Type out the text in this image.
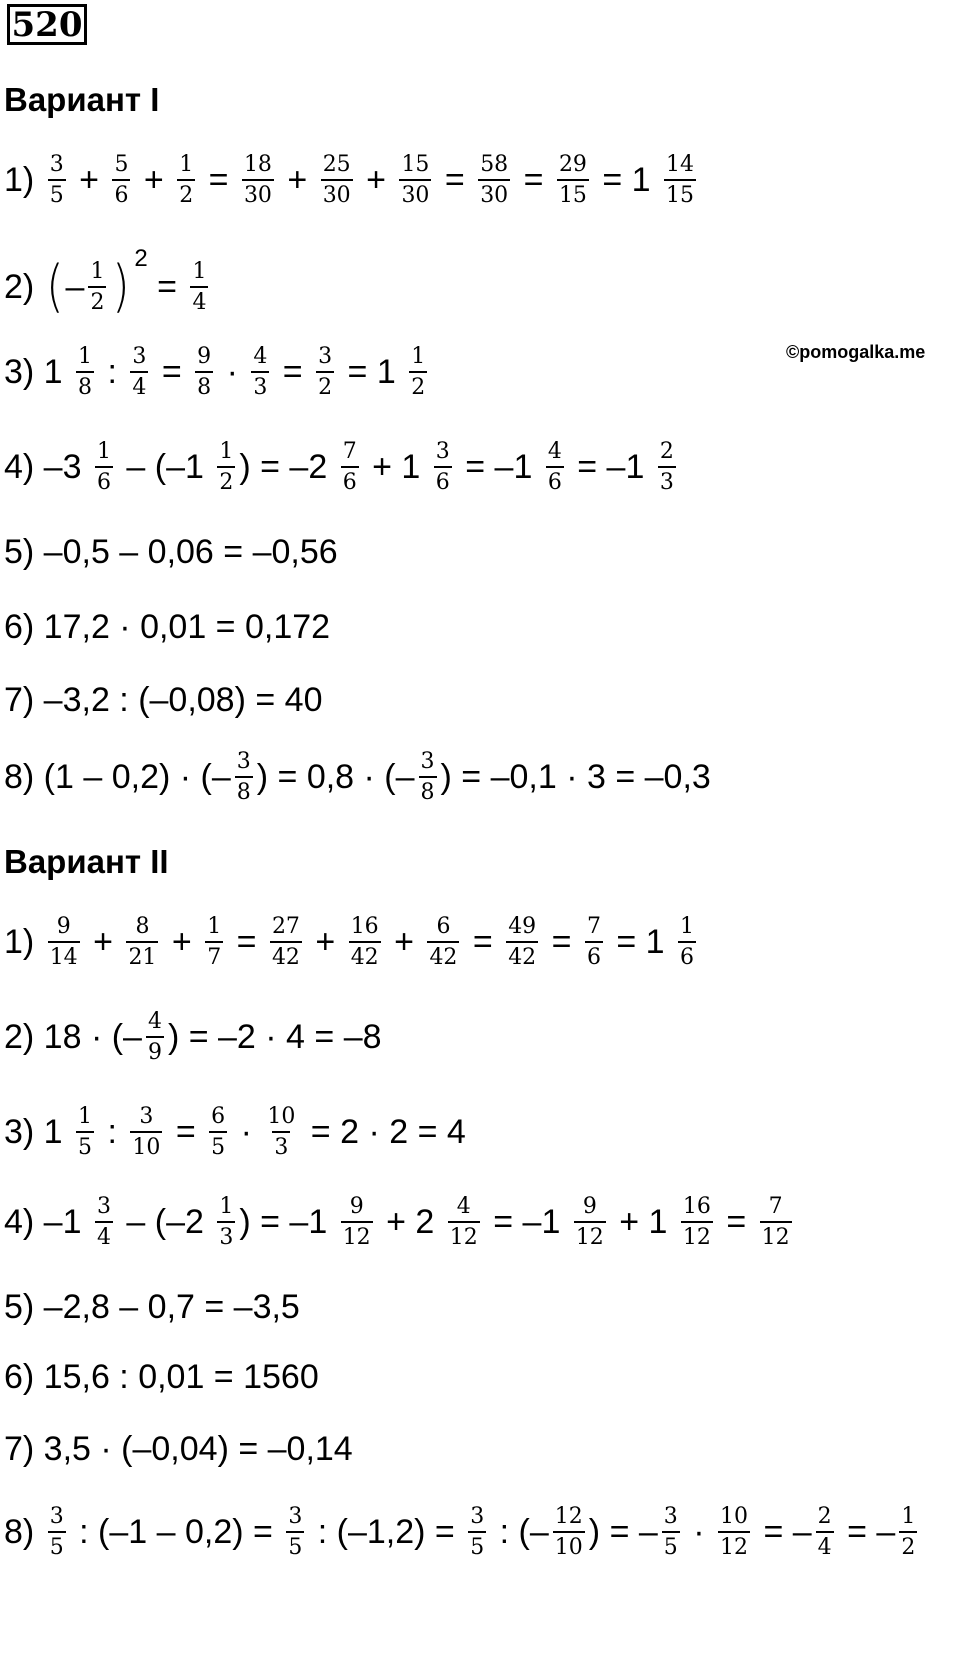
520
©pomogalka.me
Вариант I
$1) \frac{3}{5} + \frac{5}{6} + \frac{1}{2} = \frac{18}{30} + \frac{25}{30} + \frac{15}{30} = \frac{58}{30} = \frac{29}{15} = 1 \frac{14}{15}$
2) ( – $\frac{1}{2}$ ) 2
= $\frac{1}{4}$
3) $1 \frac{1}{8}$ : $\frac{3}{4} = \frac{9}{8} \cdot \frac{4}{3} = \frac{3}{2} = 1 \frac{1}{2}$
4) $-3 \frac{1}{6} - (-1 \frac{1}{2}$ ) = $-2 \frac{7}{6} + 1 \frac{3}{6} = -1 \frac{4}{6} = -1 \frac{2}{3}$
5) –0,5 – 0,06 = –0,56
6) 17,2 · 0,01 = 0,172
7) –3,2 : (–0,08) = 40
8) (1 – 0,2) · (– $\frac{3}{8}$ ) = 0,8 · (– $\frac{3}{8}$ ) = –0,1 · 3 = –0,3
Вариант II
$1) \frac{9}{14} + \frac{8}{21} + \frac{1}{7} = \frac{27}{42} + \frac{16}{42} + \frac{6}{42} = \frac{49}{42} = \frac{7}{6} = 1 \frac{1}{6}$
2) 18 · (– $\frac{4}{9}$ ) = –2 · 4 = –8
3) $1 \frac{1}{5}$ : $\frac{3}{10} = \frac{6}{5} \cdot \frac{10}{3} = 2 \cdot 2 = 4$
4) $-1 \frac{3}{4} - (-2 \frac{1}{3}$ ) = $-1 \frac{9}{12} + 2 \frac{4}{12} = -1 \frac{9}{12} + 1 \frac{16}{12} = \frac{7}{12}$
5) –2,8 – 0,7 = –3,5
6) 15,6 : 0,01 = 1560
7) 3,5 · (–0,04) = –0,14
$8) \frac{3}{5}$ : $(-1 - 0,2) = \frac{3}{5}$ : $(-1,2) = \frac{3}{5}$ : (– $\frac{12}{10}$ ) = – $\frac{3}{5} \cdot \frac{10}{12}$ = – $\frac{2}{4}$ = – $\frac{1}{2}$
